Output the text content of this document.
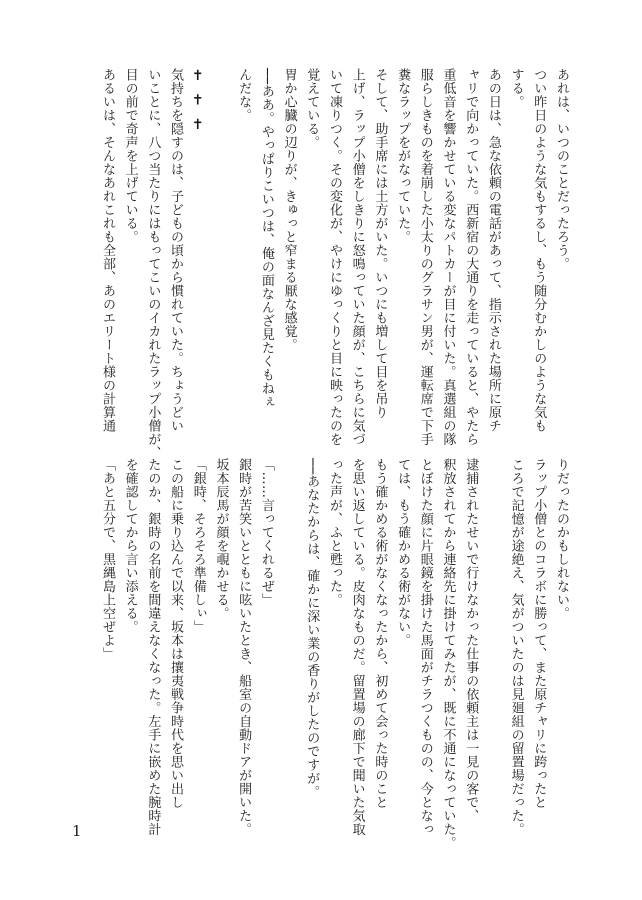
あれは、いつのことだったろう。
つい昨日のような気もするし、もう随分むかしのような気も
する。
あの日は、急な依頼の電話があって、指示された場所に原チ
ャリで向かっていた。西新宿の大通りを走っていると、やたら
重低音を響かせている変なパトカーが目に付いた。真選組の隊
服らしきものを着崩した小太りのグラサン男が、運転席で下手
糞なラップをがなっていた。
そして、助手席には土方がいた。いつにも増して目を吊り
上げ、ラップ小僧をしきりに怒鳴っていた顔が、こちらに気づ
いて凍りつく。その変化が、やけにゆっくりと目に映ったのを
覚えている。
胃か心臓の辺りが、きゅっと窄まる厭な感覚。
──ああ。やっぱりこいつは、俺の面なんざ見たくもねぇ
んだな。

✝ ✝ ✝
気持ちを隠すのは、子どもの頃から慣れていた。ちょうどい
いことに、八つ当たりにはもってこいのイカれたラップ小僧が、
目の前で奇声を上げている。
あるいは、そんなあれこれも全部、あのエリート様の計算通
りだったのかもしれない。
ラップ小僧とのコラボに勝って、また原チャリに跨ったと
ころで記憶が途絶え、気がついたのは見廻組の留置場だった。

逮捕されたせいで行けなかった仕事の依頼主は一見の客で、
釈放されてから連絡先に掛けてみたが、既に不通になっていた。
とぼけた顔に片眼鏡を掛けた馬面がチラつくものの、今となっ
ては、もう確かめる術がない。
もう確かめる術がなくなったから、初めて会った時のこと
を思い返している。皮肉なものだ。留置場の廊下で聞いた気取
った声が、ふと甦った。
──あなたからは、確かに深い業の香りがしたのですが。

「……言ってくれるぜ」
銀時が苦笑いとともに呟いたとき、船室の自動ドアが開いた。
坂本辰馬が顔を覗かせる。
「銀時、そろそろ準備しぃ」
この船に乗り込んで以来、坂本は攘夷戦争時代を思い出し
たのか、銀時の名前を間違えなくなった。左手に嵌めた腕時計
を確認してから言い添える。
「あと五分で、黒縄島上空ぜよ」
1
